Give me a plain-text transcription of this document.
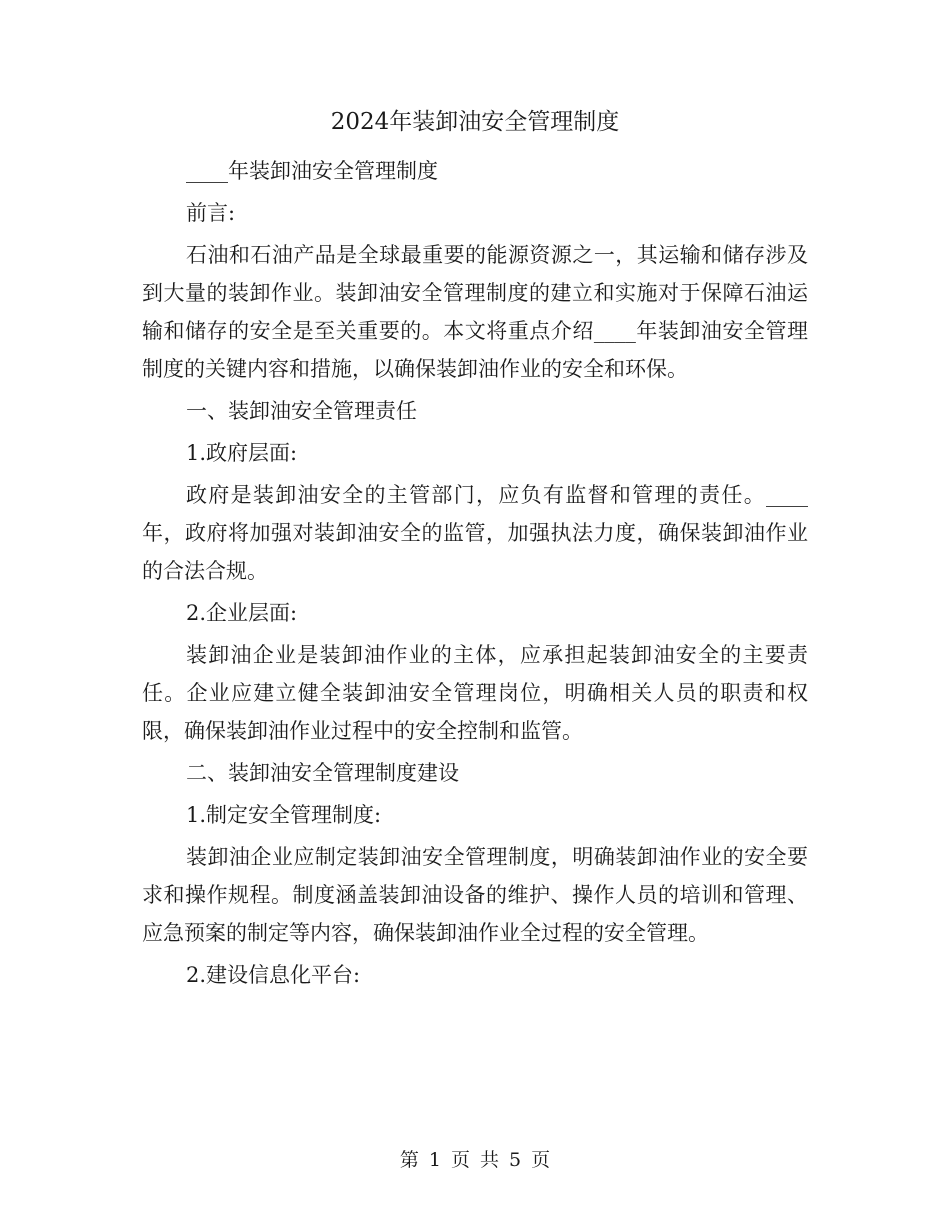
2024年装卸油安全管理制度

____年装卸油安全管理制度

前言:

石油和石油产品是全球最重要的能源资源之一，其运输和储存涉及到大量的装卸作业。装卸油安全管理制度的建立和实施对于保障石油运输和储存的安全是至关重要的。本文将重点介绍____年装卸油安全管理制度的关键内容和措施，以确保装卸油作业的安全和环保。

一、装卸油安全管理责任

1.政府层面:

政府是装卸油安全的主管部门，应负有监督和管理的责任。____年，政府将加强对装卸油安全的监管，加强执法力度，确保装卸油作业的合法合规。

2.企业层面:

装卸油企业是装卸油作业的主体，应承担起装卸油安全的主要责任。企业应建立健全装卸油安全管理岗位，明确相关人员的职责和权限，确保装卸油作业过程中的安全控制和监管。

二、装卸油安全管理制度建设

1.制定安全管理制度:

装卸油企业应制定装卸油安全管理制度，明确装卸油作业的安全要求和操作规程。制度涵盖装卸油设备的维护、操作人员的培训和管理、应急预案的制定等内容，确保装卸油作业全过程的安全管理。

2.建设信息化平台:

第 1 页 共 5 页
